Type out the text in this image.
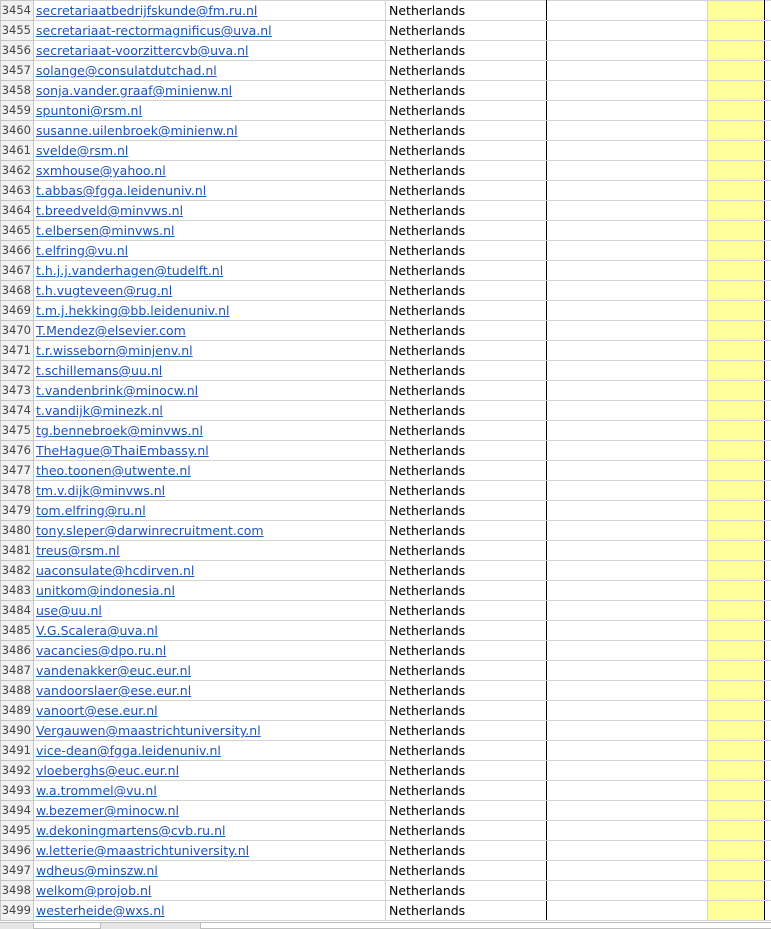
3454	secretariaatbedrijfskunde@fm.ru.nl	Netherlands			
3455	secretariaat-rectormagnificus@uva.nl	Netherlands			
3456	secretariaat-voorzittercvb@uva.nl	Netherlands			
3457	solange@consulatdutchad.nl	Netherlands			
3458	sonja.vander.graaf@minienw.nl	Netherlands			
3459	spuntoni@rsm.nl	Netherlands			
3460	susanne.uilenbroek@minienw.nl	Netherlands			
3461	svelde@rsm.nl	Netherlands			
3462	sxmhouse@yahoo.nl	Netherlands			
3463	t.abbas@fgga.leidenuniv.nl	Netherlands			
3464	t.breedveld@minvws.nl	Netherlands			
3465	t.elbersen@minvws.nl	Netherlands			
3466	t.elfring@vu.nl	Netherlands			
3467	t.h.j.j.vanderhagen@tudelft.nl	Netherlands			
3468	t.h.vugteveen@rug.nl	Netherlands			
3469	t.m.j.hekking@bb.leidenuniv.nl	Netherlands			
3470	T.Mendez@elsevier.com	Netherlands			
3471	t.r.wisseborn@minjenv.nl	Netherlands			
3472	t.schillemans@uu.nl	Netherlands			
3473	t.vandenbrink@minocw.nl	Netherlands			
3474	t.vandijk@minezk.nl	Netherlands			
3475	tg.bennebroek@minvws.nl	Netherlands			
3476	TheHague@ThaiEmbassy.nl	Netherlands			
3477	theo.toonen@utwente.nl	Netherlands			
3478	tm.v.dijk@minvws.nl	Netherlands			
3479	tom.elfring@ru.nl	Netherlands			
3480	tony.sleper@darwinrecruitment.com	Netherlands			
3481	treus@rsm.nl	Netherlands			
3482	uaconsulate@hcdirven.nl	Netherlands			
3483	unitkom@indonesia.nl	Netherlands			
3484	use@uu.nl	Netherlands			
3485	V.G.Scalera@uva.nl	Netherlands			
3486	vacancies@dpo.ru.nl	Netherlands			
3487	vandenakker@euc.eur.nl	Netherlands			
3488	vandoorslaer@ese.eur.nl	Netherlands			
3489	vanoort@ese.eur.nl	Netherlands			
3490	Vergauwen@maastrichtuniversity.nl	Netherlands			
3491	vice-dean@fgga.leidenuniv.nl	Netherlands			
3492	vloeberghs@euc.eur.nl	Netherlands			
3493	w.a.trommel@vu.nl	Netherlands			
3494	w.bezemer@minocw.nl	Netherlands			
3495	w.dekoningmartens@cvb.ru.nl	Netherlands			
3496	w.letterie@maastrichtuniversity.nl	Netherlands			
3497	wdheus@minszw.nl	Netherlands			
3498	welkom@projob.nl	Netherlands			
3499	westerheide@wxs.nl	Netherlands			
